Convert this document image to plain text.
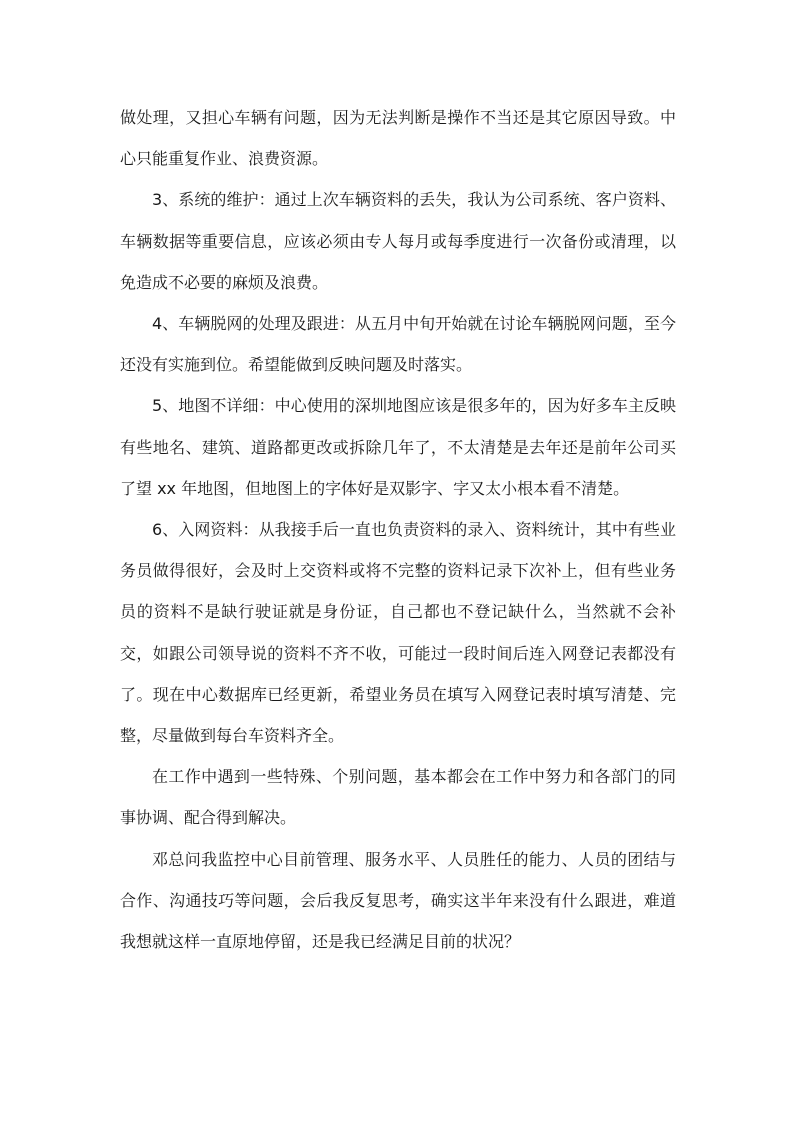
做处理，又担心车辆有问题，因为无法判断是操作不当还是其它原因导致。中心只能重复作业、浪费资源。

3、系统的维护：通过上次车辆资料的丢失，我认为公司系统、客户资料、车辆数据等重要信息，应该必须由专人每月或每季度进行一次备份或清理，以免造成不必要的麻烦及浪费。

4、车辆脱网的处理及跟进：从五月中旬开始就在讨论车辆脱网问题，至今还没有实施到位。希望能做到反映问题及时落实。

5、地图不详细：中心使用的深圳地图应该是很多年的，因为好多车主反映有些地名、建筑、道路都更改或拆除几年了，不太清楚是去年还是前年公司买了望 xx 年地图，但地图上的字体好是双影字、字又太小根本看不清楚。

6、入网资料：从我接手后一直也负责资料的录入、资料统计，其中有些业务员做得很好，会及时上交资料或将不完整的资料记录下次补上，但有些业务员的资料不是缺行驶证就是身份证，自己都也不登记缺什么，当然就不会补交，如跟公司领导说的资料不齐不收，可能过一段时间后连入网登记表都没有了。现在中心数据库已经更新，希望业务员在填写入网登记表时填写清楚、完整，尽量做到每台车资料齐全。

在工作中遇到一些特殊、个别问题，基本都会在工作中努力和各部门的同事协调、配合得到解决。

邓总问我监控中心目前管理、服务水平、人员胜任的能力、人员的团结与合作、沟通技巧等问题，会后我反复思考，确实这半年来没有什么跟进，难道我想就这样一直原地停留，还是我已经满足目前的状况？
